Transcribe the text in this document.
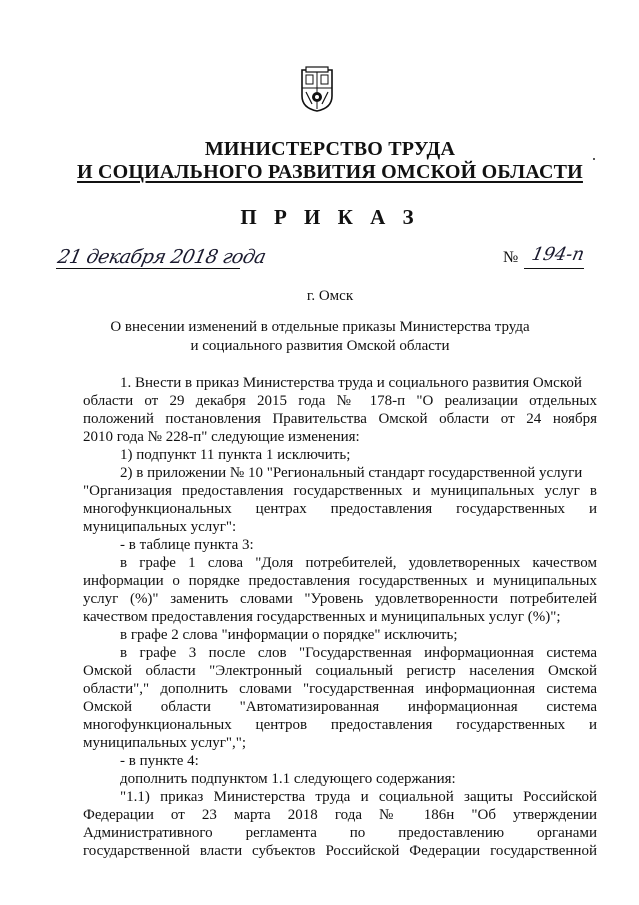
МИНИСТЕРСТВО ТРУДА
И СОЦИАЛЬНОГО РАЗВИТИЯ ОМСКОЙ ОБЛАСТИ
П Р И К А З
21 декабря 2018 года	№ 194-п
г. Омск
О внесении изменений в отдельные приказы Министерства труда
и социального развития Омской области
1. Внести в приказ Министерства труда и социального развития Омской
области от 29 декабря 2015 года № 178-п "О реализации отдельных
положений постановления Правительства Омской области от 24 ноября
2010 года № 228-п" следующие изменения:
1) подпункт 11 пункта 1 исключить;
2) в приложении № 10 "Региональный стандарт государственной услуги
"Организация предоставления государственных и муниципальных услуг в
многофункциональных центрах предоставления государственных и
муниципальных услуг":
- в таблице пункта 3:
в графе 1 слова "Доля потребителей, удовлетворенных качеством
информации о порядке предоставления государственных и муниципальных
услуг (%)" заменить словами "Уровень удовлетворенности потребителей
качеством предоставления государственных и муниципальных услуг (%)";
в графе 2 слова "информации о порядке" исключить;
в графе 3 после слов "Государственная информационная система
Омской области "Электронный социальный регистр населения Омской
области"," дополнить словами "государственная информационная система
Омской области "Автоматизированная информационная система
многофункциональных центров предоставления государственных и
муниципальных услуг",";
- в пункте 4:
дополнить подпунктом 1.1 следующего содержания:
"1.1) приказ Министерства труда и социальной защиты Российской
Федерации от 23 марта 2018 года № 186н "Об утверждении
Административного регламента по предоставлению органами
государственной власти субъектов Российской Федерации государственной
